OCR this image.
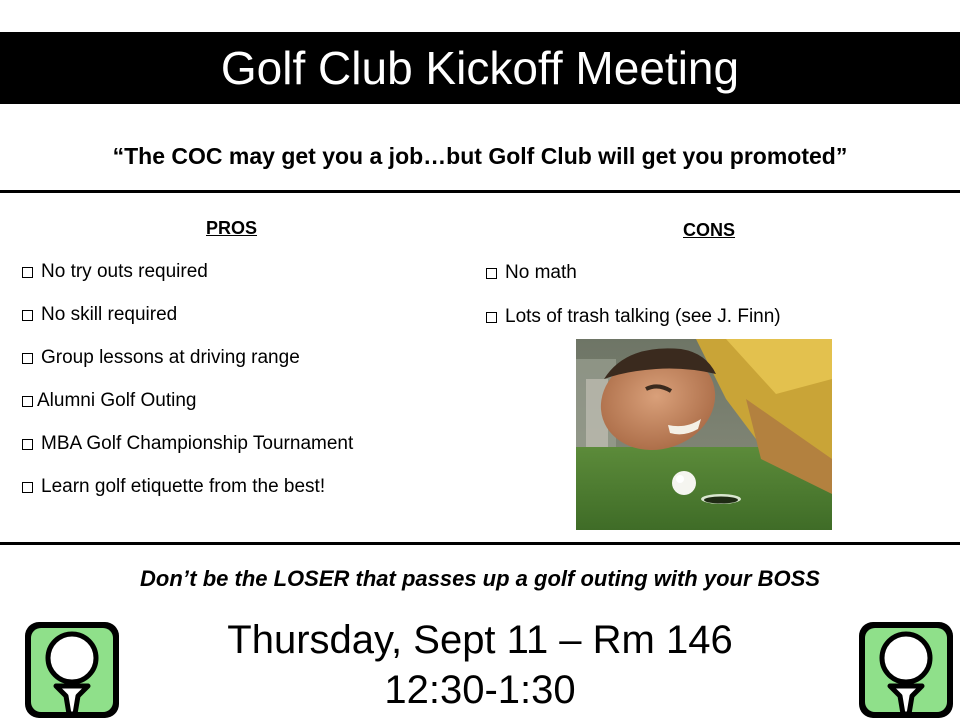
Golf Club Kickoff Meeting
“The COC may get you a job…but Golf Club will get you promoted”
PROS
No try outs required
No skill required
Group lessons at driving range
Alumni Golf Outing
MBA Golf Championship Tournament
Learn golf etiquette from the best!
CONS
No math
Lots of trash talking (see J. Finn)
Don’t be the LOSER that passes up a golf outing with your BOSS
Thursday, Sept 11 – Rm 146
12:30-1:30
